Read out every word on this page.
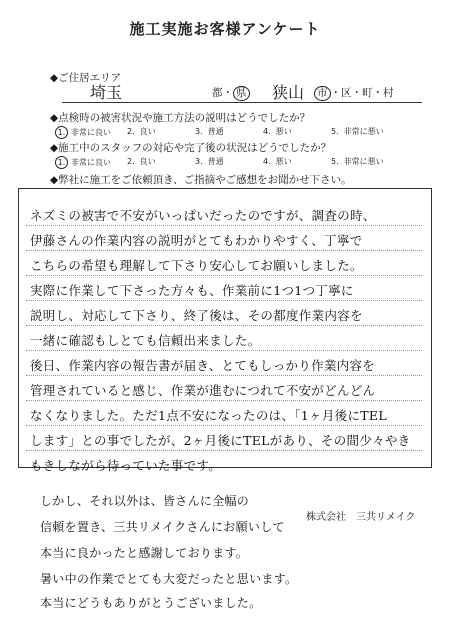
施工実施お客様アンケート
◆ご住居エリア
埼玉	都・ 県 狭山 市 ・区・町・村
◆点検時の被害状況や施工方法の説明はどうでしたか？
1. 非常に良い 2. 良い	3. 普通	4. 悪い	5. 非常に悪い
◆施工中のスタッフの対応や完了後の状況はどうでしたか？
1. 非常に良い 2. 良い	3. 普通	4. 悪い	5. 非常に悪い
◆弊社に施工をご依頼頂き、ご指摘やご感想をお聞かせ下さい。
ネズミの被害で不安がいっぱいだったのですが、調査の時、
伊藤さんの作業内容の説明がとてもわかりやすく、丁寧で
こちらの希望も理解して下さり安心してお願いしました。
実際に作業して下さった方々も、作業前に1つ1つ丁寧に
説明し、対応して下さり、終了後は、その都度作業内容を
一緒に確認もしとても信頼出来ました。
後日、作業内容の報告書が届き、とてもしっかり作業内容を
管理されていると感じ、作業が進むにつれて不安がどんどん
なくなりました。ただ1点不安になったのは、「1ヶ月後にTEL
します」との事でしたが、2ヶ月後にTELがあり、その間少々やき
もきしながら待っていた事です。
しかし、それ以外は、皆さんに全幅の
信頼を置き、三共リメイクさんにお願いして
本当に良かったと感謝しております。
暑い中の作業でとても大変だったと思います。
本当にどうもありがとうございました。
株式会社　三共リメイク
